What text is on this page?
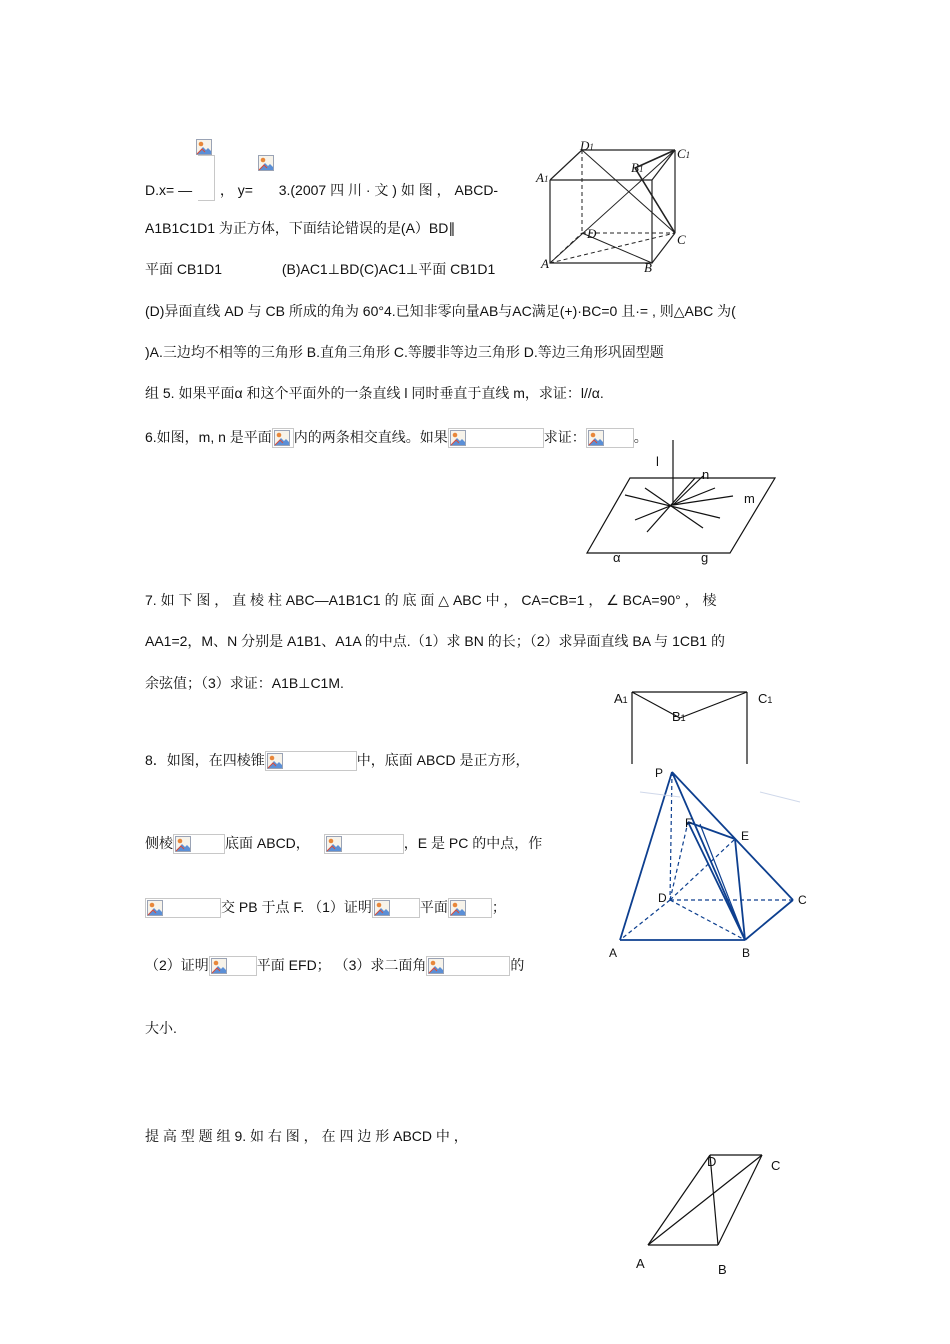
D.x= — ， y= 3.(2007 四 川 · 文 ) 如 图 ， ABCD-
A1B1C1D1 为正方体，下面结论错误的是(A）BD∥
平面 CB1D1	(B)AC1⊥BD(C)AC1⊥平面 CB1D1
A1
D1
B1
C1
D	C
A	B
(D)异面直线 AD 与 CB 所成的角为 60°4.已知非零向量AB与AC满足(+)·BC=0 且·= , 则△ABC 为(
)A.三边均不相等的三角形 B.直角三角形 C.等腰非等边三角形 D.等边三角形巩固型题
组 5. 如果平面α 和这个平面外的一条直线 l 同时垂直于直线 m，求证：l//α.
6.如图，m, n 是平面 内的两条相交直线。如果	求证：	。
l
n
m
α	g
7. 如 下 图 ， 直 棱 柱 ABC—A1B1C1 的 底 面 △ ABC 中 ， CA=CB=1 ， ∠ BCA=90° ， 棱
AA1=2，M、N 分别是 A1B1、A1A 的中点.（1）求 BN 的长；（2）求异面直线 BA 与 1CB1 的
余弦值；（3）求证：A1B⊥C1M.
A1
B1
C1
8．如图，在四棱锥	中，底面 ABCD 是正方形，
侧棱	底面 ABCD，	，E 是 PC 的中点，作
交 PB 于点 F. （1）证明	平面	；
（2）证明	平面 EFD； （3）求二面角	的
大小.
P
F
E
D	C
A	B
提 高 型 题 组 9. 如 右 图 ， 在 四 边 形 ABCD 中 ，
D	C
A	B
